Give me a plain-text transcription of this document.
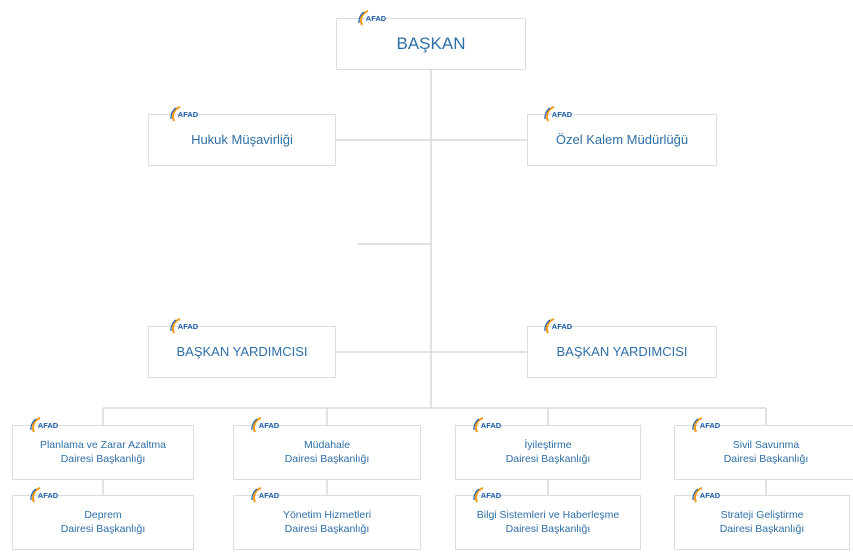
BAŞKAN
AFAD
Hukuk Müşavirliği
AFAD
Özel Kalem Müdürlüğü
AFAD
BAŞKAN YARDIMCISI
AFAD
BAŞKAN YARDIMCISI
AFAD
Planlama ve Zarar Azaltma
Dairesi Başkanlığı
AFAD
Müdahale
Dairesi Başkanlığı
AFAD
İyileştirme
Dairesi Başkanlığı
AFAD
Sivil Savunma
Dairesi Başkanlığı
AFAD
Deprem
Dairesi Başkanlığı
AFAD
Yönetim Hizmetleri
Dairesi Başkanlığı
AFAD
Bilgi Sistemleri ve Haberleşme
Dairesi Başkanlığı
AFAD
Strateji Geliştirme
Dairesi Başkanlığı
AFAD
